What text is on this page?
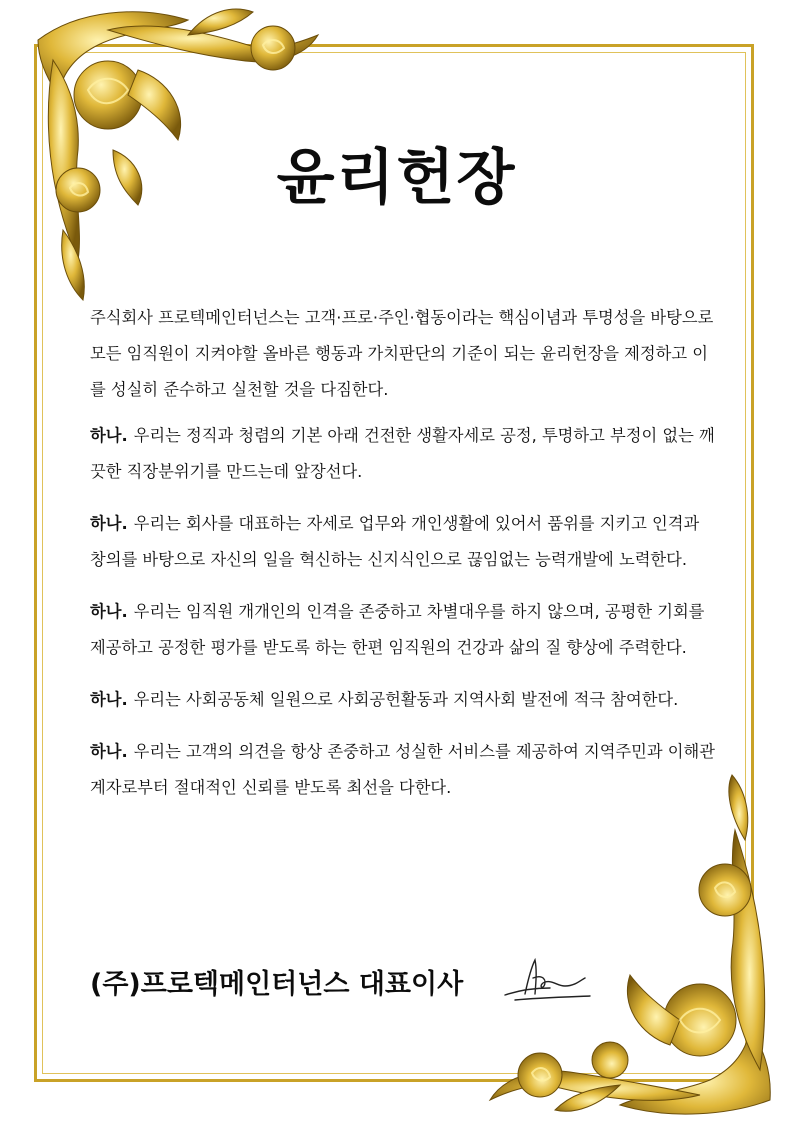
윤리헌장

주식회사 프로텍메인터넌스는 고객·프로·주인·협동이라는 핵심이념과 투명성을 바탕으로 모든 임직원이 지켜야할 올바른 행동과 가치판단의 기준이 되는 윤리헌장을 제정하고 이를 성실히 준수하고 실천할 것을 다짐한다.

하나. 우리는 정직과 청렴의 기본 아래 건전한 생활자세로 공정, 투명하고 부정이 없는 깨끗한 직장분위기를 만드는데 앞장선다.

하나. 우리는 회사를 대표하는 자세로 업무와 개인생활에 있어서 품위를 지키고 인격과 창의를 바탕으로 자신의 일을 혁신하는 신지식인으로 끊임없는 능력개발에 노력한다.

하나. 우리는 임직원 개개인의 인격을 존중하고 차별대우를 하지 않으며, 공평한 기회를 제공하고 공정한 평가를 받도록 하는 한편 임직원의 건강과 삶의 질 향상에 주력한다.

하나. 우리는 사회공동체 일원으로 사회공헌활동과 지역사회 발전에 적극 참여한다.

하나. 우리는 고객의 의견을 항상 존중하고 성실한 서비스를 제공하여 지역주민과 이해관계자로부터 절대적인 신뢰를 받도록 최선을 다한다.

(주)프로텍메인터넌스 대표이사
